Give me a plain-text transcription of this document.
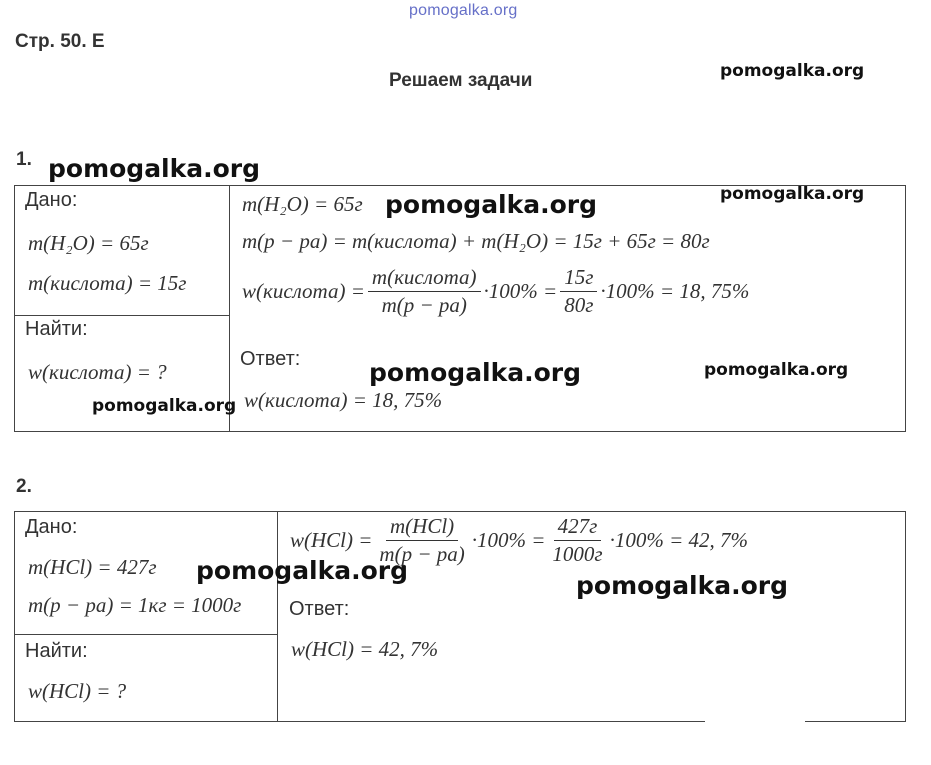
pomogalka.org
Стр. 50. Е
Решаем задачи	pomogalka.org
1. pomogalka.org
Дано:
m(H₂O) = 65г
m(кислота) = 15г
Найти:
w(кислота) = ?
pomogalka.org
m(H₂O) = 65г pomogalka.org	pomogalka.org
m(р − ра) = m(кислота) + m(H₂O) = 15г + 65г = 80г
w(кислота) =
m(кислота)
m(р − ра)
·100% =
15г
80г
·100% = 18, 75%
Ответ:	pomogalka.org	pomogalka.org
w(кислота) = 18, 75%
2.
Дано:
m(HCl) = 427г
m(р − ра) = 1кг = 1000г
pomogalka.org
Найти:
w(HCl) = ?
w(HCl) =
m(HCl)
m(р − ра)
·100% =
427г
1000г
·100% = 42, 7%
pomogalka.org
Ответ:
w(HCl) = 42, 7%
